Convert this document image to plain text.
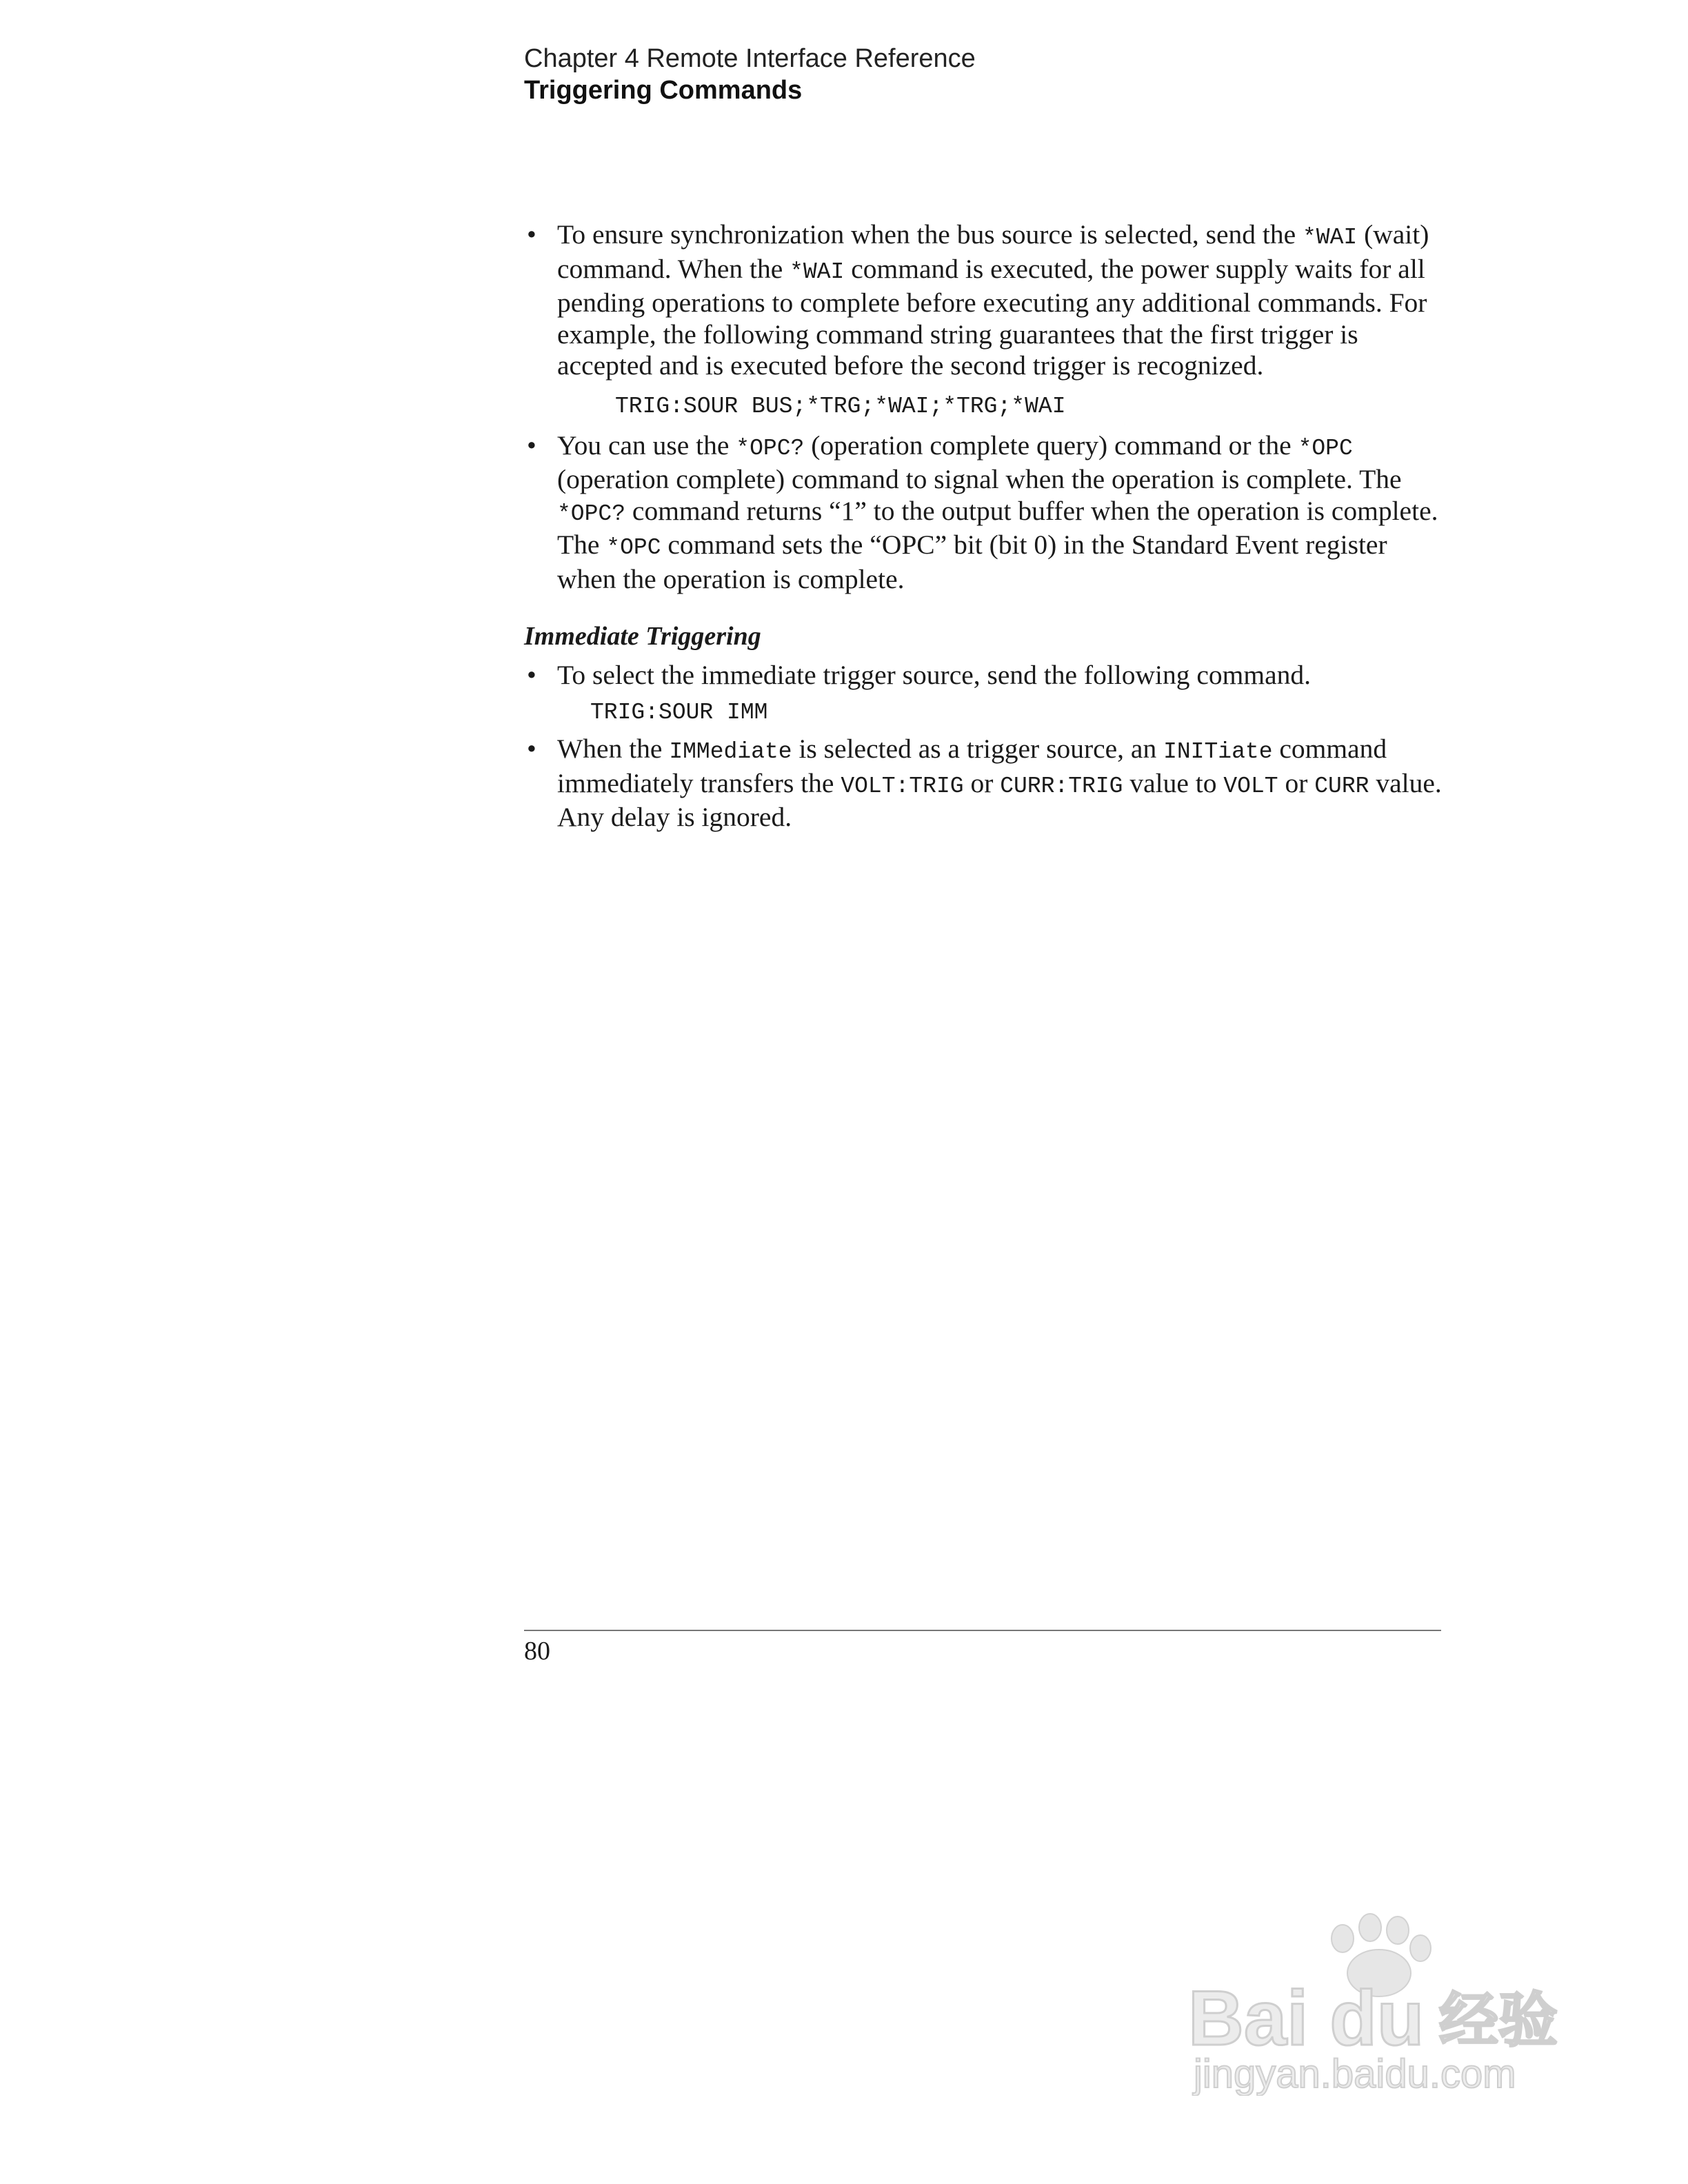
Chapter 4 Remote Interface Reference
Triggering Commands

• To ensure synchronization when the bus source is selected, send the *WAI (wait) command. When the *WAI command is executed, the power supply waits for all pending operations to complete before executing any additional commands. For example, the following command string guarantees that the first trigger is accepted and is executed before the second trigger is recognized.

TRIG:SOUR BUS;*TRG;*WAI;*TRG;*WAI

• You can use the *OPC? (operation complete query) command or the *OPC (operation complete) command to signal when the operation is complete. The *OPC? command returns “1” to the output buffer when the operation is complete. The *OPC command sets the “OPC” bit (bit 0) in the Standard Event register when the operation is complete.

Immediate Triggering

• To select the immediate trigger source, send the following command.

TRIG:SOUR IMM

• When the IMMediate is selected as a trigger source, an INITiate command immediately transfers the VOLT:TRIG or CURR:TRIG value to VOLT or CURR value. Any delay is ignored.

80
Bai du 经验
jingyan.baidu.com
